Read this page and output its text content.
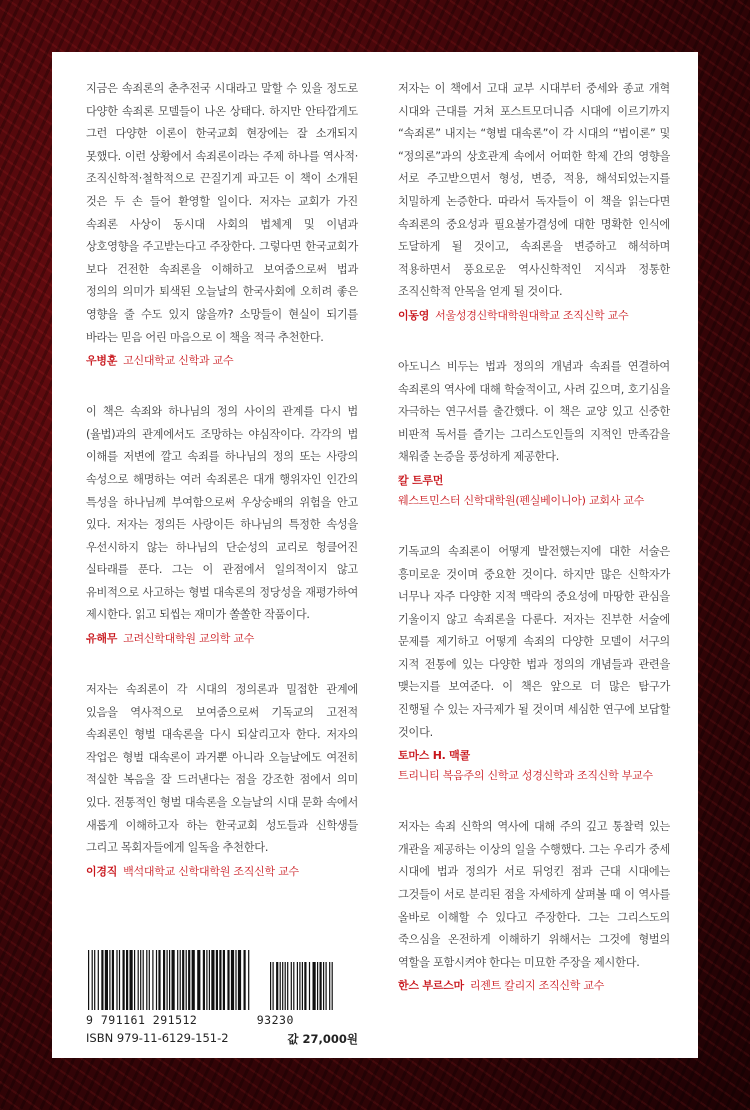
지금은 속죄론의 춘추전국 시대라고 말할 수 있을 정도로 다양한 속죄론 모델들이 나온 상태다. 하지만 안타깝게도 그런 다양한 이론이 한국교회 현장에는 잘 소개되지 못했다. 이런 상황에서 속죄론이라는 주제 하나를 역사적·조직신학적·철학적으로 끈질기게 파고든 이 책이 소개된 것은 두 손 들어 환영할 일이다. 저자는 교회가 가진 속죄론 사상이 동시대 사회의 법체계 및 이념과 상호영향을 주고받는다고 주장한다. 그렇다면 한국교회가 보다 건전한 속죄론을 이해하고 보여줌으로써 법과 정의의 의미가 퇴색된 오늘날의 한국사회에 오히려 좋은 영향을 줄 수도 있지 않을까? 소망들이 현실이 되기를 바라는 믿음 어린 마음으로 이 책을 적극 추천한다.

우병훈 고신대학교 신학과 교수

이 책은 속죄와 하나님의 정의 사이의 관계를 다시 법(율법)과의 관계에서도 조망하는 야심작이다. 각각의 법 이해를 저변에 깔고 속죄를 하나님의 정의 또는 사랑의 속성으로 해명하는 여러 속죄론은 대개 행위자인 인간의 특성을 하나님께 부여함으로써 우상숭배의 위험을 안고 있다. 저자는 정의든 사랑이든 하나님의 특정한 속성을 우선시하지 않는 하나님의 단순성의 교리로 헝클어진 실타래를 푼다. 그는 이 관점에서 일의적이지 않고 유비적으로 사고하는 형벌 대속론의 정당성을 재평가하여 제시한다. 읽고 되씹는 재미가 쏠쏠한 작품이다.

유해무 고려신학대학원 교의학 교수

저자는 속죄론이 각 시대의 정의론과 밀접한 관계에 있음을 역사적으로 보여줌으로써 기독교의 고전적 속죄론인 형벌 대속론을 다시 되살리고자 한다. 저자의 작업은 형벌 대속론이 과거뿐 아니라 오늘날에도 여전히 적실한 복음을 잘 드러낸다는 점을 강조한 점에서 의미 있다. 전통적인 형벌 대속론을 오늘날의 시대 문화 속에서 새롭게 이해하고자 하는 한국교회 성도들과 신학생들 그리고 목회자들에게 일독을 추천한다.

이경직 백석대학교 신학대학원 조직신학 교수

저자는 이 책에서 고대 교부 시대부터 중세와 종교 개혁 시대와 근대를 거쳐 포스트모더니즘 시대에 이르기까지 “속죄론” 내지는 “형벌 대속론”이 각 시대의 “법이론” 및 “정의론”과의 상호관계 속에서 어떠한 학제 간의 영향을 서로 주고받으면서 형성, 변증, 적용, 해석되었는지를 치밀하게 논증한다. 따라서 독자들이 이 책을 읽는다면 속죄론의 중요성과 필요불가결성에 대한 명확한 인식에 도달하게 될 것이고, 속죄론을 변증하고 해석하며 적용하면서 풍요로운 역사신학적인 지식과 정통한 조직신학적 안목을 얻게 될 것이다.

이동영 서울성경신학대학원대학교 조직신학 교수

아도니스 비두는 법과 정의의 개념과 속죄를 연결하여 속죄론의 역사에 대해 학술적이고, 사려 깊으며, 호기심을 자극하는 연구서를 출간했다. 이 책은 교양 있고 신중한 비판적 독서를 즐기는 그리스도인들의 지적인 만족감을 채워줄 논증을 풍성하게 제공한다.

칼 트루먼
웨스트민스터 신학대학원(펜실베이니아) 교회사 교수

기독교의 속죄론이 어떻게 발전했는지에 대한 서술은 흥미로운 것이며 중요한 것이다. 하지만 많은 신학자가 너무나 자주 다양한 지적 맥락의 중요성에 마땅한 관심을 기울이지 않고 속죄론을 다룬다. 저자는 진부한 서술에 문제를 제기하고 어떻게 속죄의 다양한 모델이 서구의 지적 전통에 있는 다양한 법과 정의의 개념들과 관련을 맺는지를 보여준다. 이 책은 앞으로 더 많은 탐구가 진행될 수 있는 자극제가 될 것이며 세심한 연구에 보답할 것이다.

토마스 H. 맥콜
트리니티 복음주의 신학교 성경신학과 조직신학 부교수

저자는 속죄 신학의 역사에 대해 주의 깊고 통찰력 있는 개관을 제공하는 이상의 일을 수행했다. 그는 우리가 중세 시대에 법과 정의가 서로 뒤엉킨 점과 근대 시대에는 그것들이 서로 분리된 점을 자세하게 살펴볼 때 이 역사를 올바로 이해할 수 있다고 주장한다. 그는 그리스도의 죽으심을 온전하게 이해하기 위해서는 그것에 형벌의 역할을 포함시켜야 한다는 미묘한 주장을 제시한다.

한스 부르스마 리젠트 칼리지 조직신학 교수
9 791161 291512	93230
ISBN 979-11-6129-151-2	값 27,000원
